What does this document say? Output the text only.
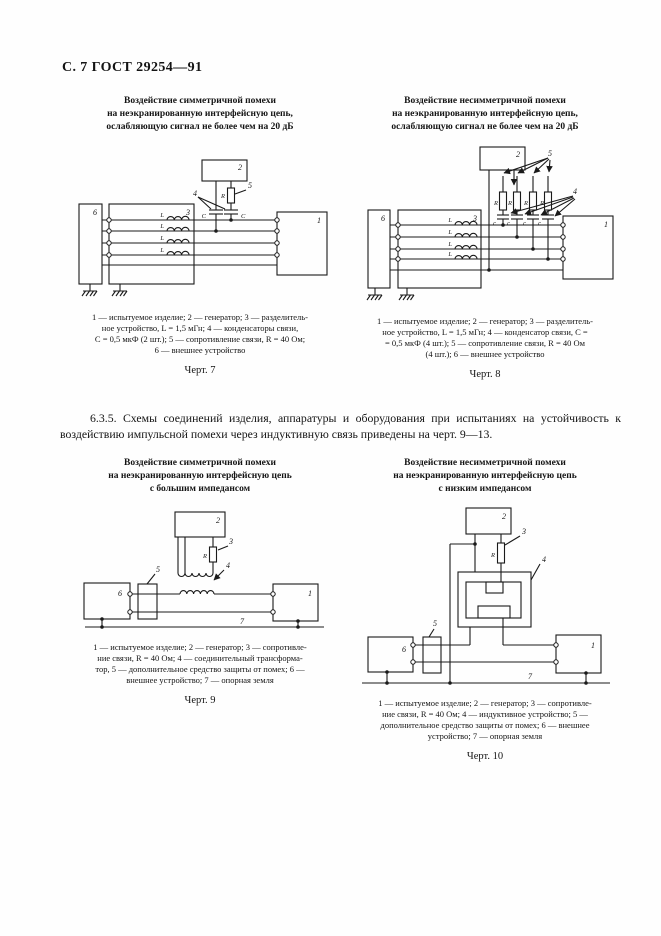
С. 7 ГОСТ 29254—91
Воздействие симметричной помехи
на неэкранированную интерфейсную цепь,
ослабляющую сигнал не более чем на 20 дБ
6	3
1
2
5
4	R
C	C
L
L
L
L
1 — испытуемое изделие; 2 — генератор; 3 — разделитель-
ное устройство, L = 1,5 мГн; 4 — конденсаторы связи,
С = 0,5 мкФ (2 шт.); 5 — сопротивление связи, R = 40 Ом;
6 — внешнее устройство
Черт. 7
Воздействие несимметричной помехи
на неэкранированную интерфейсную цепь,
ослабляющую сигнал не более чем на 20 дБ
6	3
1
2	5
4
R R R R
c c c c
L
L
L
L
1 — испытуемое изделие; 2 — генератор; 3 — разделитель-
ное устройство, L = 1,5 мГн; 4 — конденсатор связи, С =
= 0,5 мкФ (4 шт.); 5 — сопротивление связи, R = 40 Ом
(4 шт.); 6 — внешнее устройство
Черт. 8
6.3.5. Схемы соединений изделия, аппаратуры и оборудования при испытаниях на устойчивость к воздействию импульсной помехи через индуктивную связь приведены на черт. 9—13.
Воздействие симметричной помехи
на неэкранированную интерфейсную цепь
с большим импедансом
2
3
4
5
6	1
7
R
1 — испытуемое изделие; 2 — генератор; 3 — сопротивле-
ние связи, R = 40 Ом; 4 — соединительный трансформа-
тор, 5 — дополнительное средство защиты от помех; 6 —
внешнее устройство; 7 — опорная земля
Черт. 9
Воздействие несимметричной помехи
на неэкранированную интерфейсную цепь
с низким импедансом
2
3
4
5
6	1
7
R
1 — испытуемое изделие; 2 — генератор; 3 — сопротивле-
ние связи, R = 40 Ом; 4 — индуктивное устройство; 5 —
дополнительное средство защиты от помех; 6 — внешнее
устройство; 7 — опорная земля
Черт. 10
